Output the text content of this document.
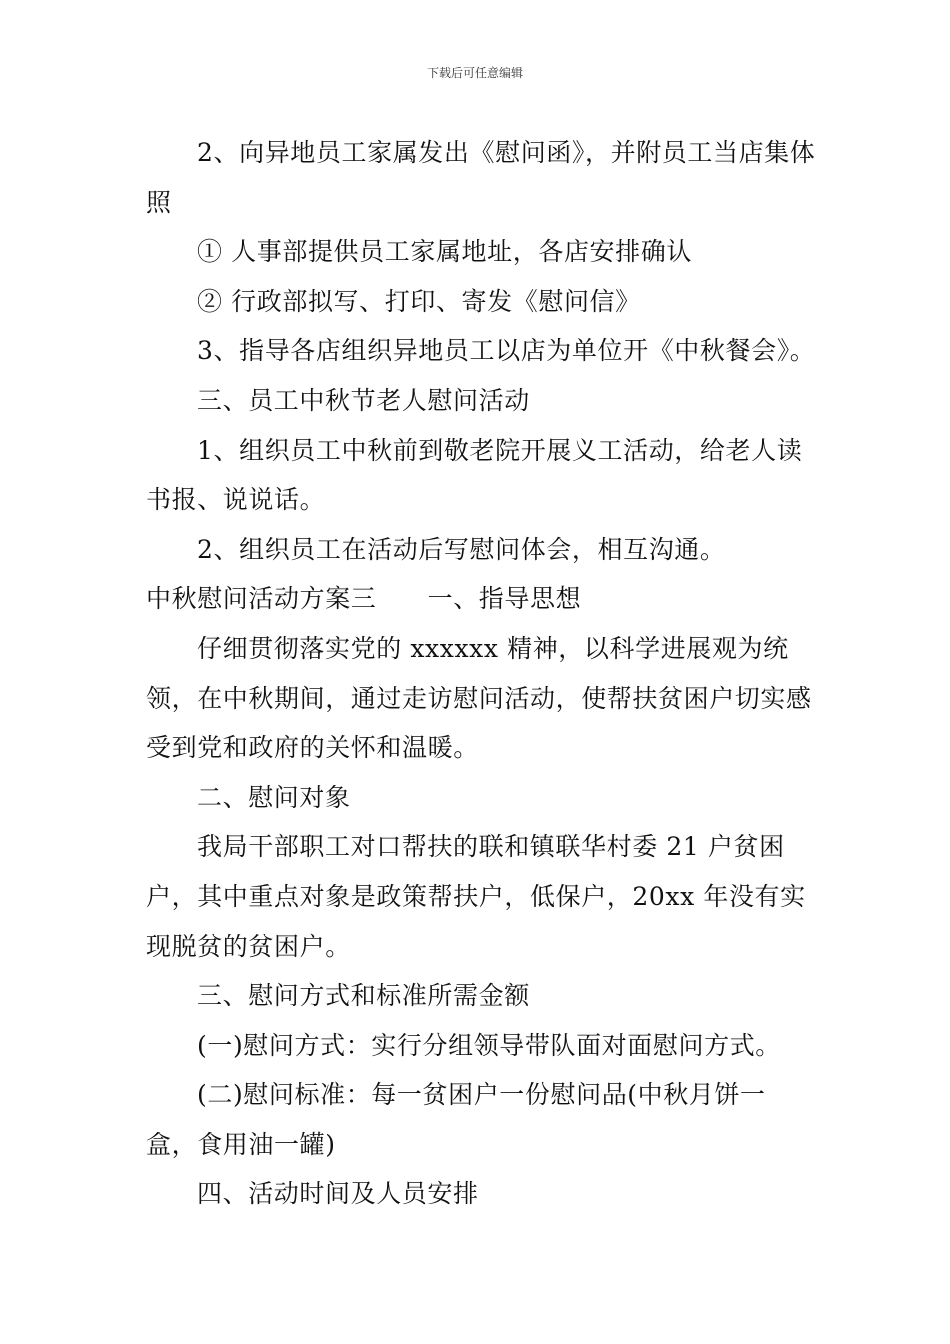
下载后可任意编辑

2、向异地员工家属发出《慰问函》，并附员工当店集体照

① 人事部提供员工家属地址，各店安排确认

② 行政部拟写、打印、寄发《慰问信》

3、指导各店组织异地员工以店为单位开《中秋餐会》。

三、员工中秋节老人慰问活动

1、组织员工中秋前到敬老院开展义工活动，给老人读书报、说说话。

2、组织员工在活动后写慰问体会，相互沟通。

中秋慰问活动方案三　　一、指导思想

仔细贯彻落实党的 xxxxxx 精神，以科学进展观为统领，在中秋期间，通过走访慰问活动，使帮扶贫困户切实感受到党和政府的关怀和温暖。

二、慰问对象

我局干部职工对口帮扶的联和镇联华村委 21 户贫困户，其中重点对象是政策帮扶户，低保户，20xx 年没有实现脱贫的贫困户。

三、慰问方式和标准所需金额

(一)慰问方式：实行分组领导带队面对面慰问方式。

(二)慰问标准：每一贫困户一份慰问品(中秋月饼一盒，食用油一罐)

四、活动时间及人员安排
